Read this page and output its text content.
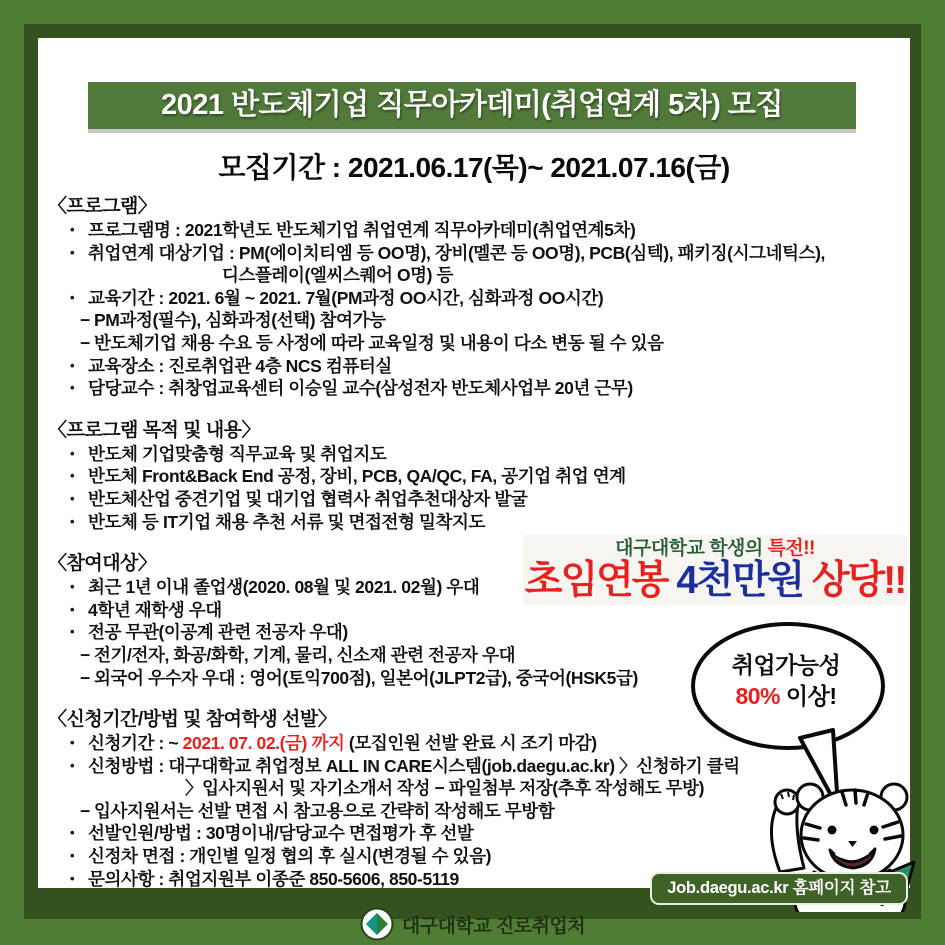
2021 반도체기업 직무아카데미(취업연계 5차) 모집
모집기간 : 2021.06.17(목)~ 2021.07.16(금)
〈프로그램〉
• 프로그램명 : 2021학년도 반도체기업 취업연계 직무아카데미(취업연계5차)
• 취업연계 대상기업 : PM(에이치티엠 등 OO명), 장비(멜콘 등 OO명), PCB(심텍), 패키징(시그네틱스),
디스플레이(엘씨스퀘어 O명) 등
• 교육기간 : 2021. 6월 ~ 2021. 7월(PM과정 OO시간, 심화과정 OO시간)
− PM과정(필수), 심화과정(선택) 참여가능
− 반도체기업 채용 수요 등 사정에 따라 교육일정 및 내용이 다소 변동 될 수 있음
• 교육장소 : 진로취업관 4층 NCS 컴퓨터실
• 담당교수 : 취창업교육센터 이승일 교수(삼성전자 반도체사업부 20년 근무)
〈프로그램 목적 및 내용〉
• 반도체 기업맞춤형 직무교육 및 취업지도
• 반도체 Front&Back End 공정, 장비, PCB, QA/QC, FA, 공기업 취업 연계
• 반도체산업 중견기업 및 대기업 협력사 취업추천대상자 발굴
• 반도체 등 IT기업 채용 추천 서류 및 면접전형 밀착지도
〈참여대상〉
• 최근 1년 이내 졸업생(2020. 08월 및 2021. 02월) 우대
• 4학년 재학생 우대
• 전공 무관(이공계 관련 전공자 우대)
− 전기/전자, 화공/화학, 기계, 물리, 신소재 관련 전공자 우대
− 외국어 우수자 우대 : 영어(토익700점), 일본어(JLPT2급), 중국어(HSK5급)
〈신청기간/방법 및 참여학생 선발〉
• 신청기간 : ~ 2021. 07. 02.(금) 까지 (모집인원 선발 완료 시 조기 마감)
• 신청방법 : 대구대학교 취업정보 ALL IN CARE시스템(job.daegu.ac.kr) 〉신청하기 클릭
〉입사지원서 및 자기소개서 작성 − 파일첨부 저장(추후 작성해도 무방)
− 입사지원서는 선발 면접 시 참고용으로 간략히 작성해도 무방함
• 선발인원/방법 : 30명이내/담당교수 면접평가 후 선발
• 신정차 면접 : 개인별 일정 협의 후 실시(변경될 수 있음)
• 문의사항 : 취업지원부 이종준 850-5606, 850-5119
대구대학교 학생의 특전!!
초임연봉 4천만원 상당!!
취업가능성
80% 이상!
Job.daegu.ac.kr 홈페이지 참고
대구대학교 진로취업처
